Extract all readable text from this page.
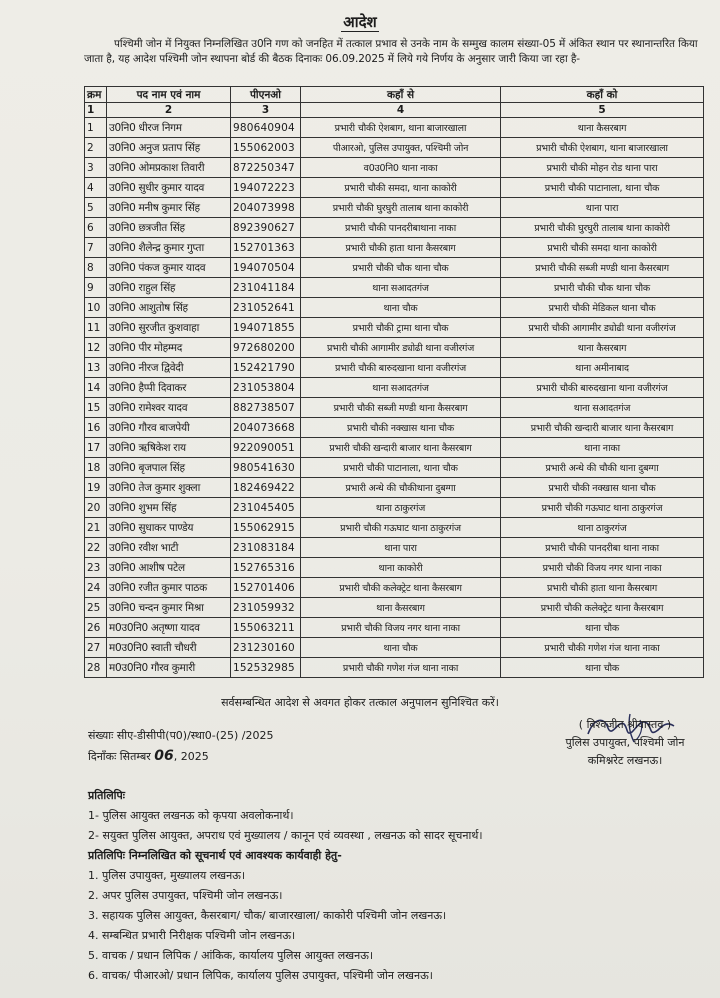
आदेश
पश्चिमी जोन में नियुक्त निम्नलिखित उ0नि गण को जनहित में तत्काल प्रभाव से उनके नाम के सम्मुख कालम संख्या-05 में अंकित स्थान पर स्थानान्तरित किया जाता है, यह आदेश पश्चिमी जोन स्थापना बोर्ड की बैठक दिनाकः 06.09.2025 में लिये गये निर्णय के अनुसार जारी किया जा रहा है-
क्रम	पद नाम एवं नाम	पीएनओ	कहाँ से	कहाँ को
1	2	3	4	5
1	उ0नि0 धीरज निगम	980640904	प्रभारी चौकी ऐशबाग, थाना बाजारखाला	थाना कैसरबाग
2	उ0नि0 अनुज प्रताप सिंह	155062003	पीआरओ, पुलिस उपायुक्त, पश्चिमी जोन	प्रभारी चौकी ऐशबाग, थाना बाजारखाला
3	उ0नि0 ओमप्रकाश तिवारी	872250347	व0उ0नि0 थाना नाका	प्रभारी चौकी मोहन रोड थाना पारा
4	उ0नि0 सुधीर कुमार यादव	194072223	प्रभारी चौकी समदा, थाना काकोरी	प्रभारी चौकी पाटानाला, थाना चौक
5	उ0नि0 मनीष कुमार सिंह	204073998	प्रभारी चौकी घुरघुरी तालाब थाना काकोरी	थाना पारा
6	उ0नि0 छत्रजीत सिंह	892390627	प्रभारी चौकी पानदरीबाथाना नाका	प्रभारी चौकी घुरघुरी तालाब थाना काकोरी
7	उ0नि0 शैलेन्द्र कुमार गुप्ता	152701363	प्रभारी चौकी हाता थाना कैसरबाग	प्रभारी चौकी समदा थाना काकोरी
8	उ0नि0 पंकज कुमार यादव	194070504	प्रभारी चौकी चौक थाना चौक	प्रभारी चौकी सब्जी मण्डी थाना कैसरबाग
9	उ0नि0 राहुल सिंह	231041184	थाना सआदतगंज	प्रभारी चौकी चौक थाना चौक
10	उ0नि0 आशुतोष सिंह	231052641	थाना चौक	प्रभारी चौकी मेडिकल थाना चौक
11	उ0नि0 सुरजीत कुशवाहा	194071855	प्रभारी चौकी ट्रामा थाना चौक	प्रभारी चौकी आगामीर ड्योढी थाना वजीरगंज
12	उ0नि0 पीर मोहम्मद	972680200	प्रभारी चौकी आगामीर ड्योढी थाना वजीरगंज	थाना कैसरबाग
13	उ0नि0 नीरज द्विवेदी	152421790	प्रभारी चौकी बारुदखाना थाना वजीरगंज	थाना अमीनाबाद
14	उ0नि0 हैप्पी दिवाकर	231053804	थाना सआदतगंज	प्रभारी चौकी बारुदखाना थाना वजीरगंज
15	उ0नि0 रामेश्वर यादव	882738507	प्रभारी चौकी सब्जी मण्डी थाना कैसरबाग	थाना सआदतगंज
16	उ0नि0 गौरव बाजपेयी	204073668	प्रभारी चौकी नक्खास थाना चौक	प्रभारी चौकी खन्दारी बाजार थाना कैसरबाग
17	उ0नि0 ऋषिकेश राय	922090051	प्रभारी चौकी खन्दारी बाजार थाना कैसरबाग	थाना नाका
18	उ0नि0 बृजपाल सिंह	980541630	प्रभारी चौकी पाटानाला, थाना चौक	प्रभारी अन्धे की चौकी थाना दुबग्गा
19	उ0नि0 तेज कुमार शुक्ला	182469422	प्रभारी अन्धे की चौकीथाना दुबग्गा	प्रभारी चौकी नक्खास थाना चौक
20	उ0नि0 शुभम सिंह	231045405	थाना ठाकुरगंज	प्रभारी चौकी गऊघाट थाना ठाकुरगंज
21	उ0नि0 सुधाकर पाण्डेय	155062915	प्रभारी चौकी गऊघाट थाना ठाकुरगंज	थाना ठाकुरगंज
22	उ0नि0 रवीश भाटी	231083184	थाना पारा	प्रभारी चौकी पानदरीबा थाना नाका
23	उ0नि0 आशीष पटेल	152765316	थाना काकोरी	प्रभारी चौकी विजय नगर थाना नाका
24	उ0नि0 रजीत कुमार पाठक	152701406	प्रभारी चौकी कलेक्ट्रेट थाना कैसरबाग	प्रभारी चौकी हाता थाना कैसरबाग
25	उ0नि0 चन्दन कुमार मिश्रा	231059932	थाना कैसरबाग	प्रभारी चौकी कलेक्ट्रेट थाना कैसरबाग
26	म0उ0नि0 अतृष्णा यादव	155063211	प्रभारी चौकी विजय नगर थाना नाका	थाना चौक
27	म0उ0नि0 स्वाती चौधरी	231230160	थाना चौक	प्रभारी चौकी गणेश गंज थाना नाका
28	म0उ0नि0 गौरव कुमारी	152532985	प्रभारी चौकी गणेश गंज थाना नाका	थाना चौक
सर्वसम्बन्धित आदेश से अवगत होकर तत्काल अनुपालन सुनिश्चित करें।
संख्याः सीए-डीसीपी(प0)/स्था0-(25) /2025
दिनाँकः सितम्बर 06, 2025
( विश्वजीत श्रीवास्तव )
पुलिस उपायुक्त, पश्चिमी जोन
कमिश्नरेट लखनऊ।
प्रतिलिपिः
1- पुलिस आयुक्त लखनऊ को कृपया अवलोकनार्थ।
2- सयुक्त पुलिस आयुक्त, अपराध एवं मुख्यालय / कानून एवं व्यवस्था , लखनऊ को सादर सूचनार्थ।
प्रतिलिपिः निम्नलिखित को सूचनार्थ एवं आवश्यक कार्यवाही हेतु-
1. पुलिस उपायुक्त, मुख्यालय लखनऊ।
2. अपर पुलिस उपायुक्त, पश्चिमी जोन लखनऊ।
3. सहायक पुलिस आयुक्त, कैसरबाग/ चौक/ बाजारखाला/ काकोरी पश्चिमी जोन लखनऊ।
4. सम्बन्धित प्रभारी निरीक्षक पश्चिमी जोन लखनऊ।
5. वाचक / प्रधान लिपिक / आंकिक, कार्यालय पुलिस आयुक्त लखनऊ।
6. वाचक/ पीआरओ/ प्रधान लिपिक, कार्यालय पुलिस उपायुक्त, पश्चिमी जोन लखनऊ।
